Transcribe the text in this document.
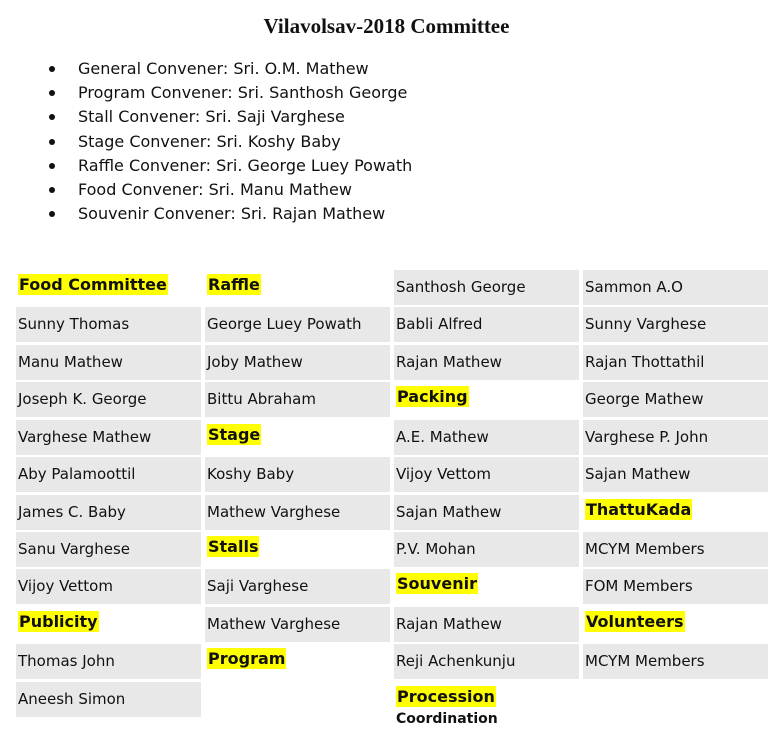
Vilavolsav-2018 Committee
General Convener: Sri. O.M. Mathew
Program Convener: Sri. Santhosh George
Stall Convener: Sri. Saji Varghese
Stage Convener: Sri. Koshy Baby
Raffle Convener: Sri. George Luey Powath
Food Convener: Sri. Manu Mathew
Souvenir Convener: Sri. Rajan Mathew
Food Committee
Sunny Thomas
Manu Mathew
Joseph K. George
Varghese Mathew
Aby Palamoottil
James C. Baby
Sanu Varghese
Vijoy Vettom
Publicity
Thomas John
Aneesh Simon
Raffle
George Luey Powath
Joby Mathew
Bittu Abraham
Stage
Koshy Baby
Mathew Varghese
Stalls
Saji Varghese
Mathew Varghese
Program
Santhosh George
Babli Alfred
Rajan Mathew
Packing
A.E. Mathew
Vijoy Vettom
Sajan Mathew
P.V. Mohan
Souvenir
Rajan Mathew
Reji Achenkunju
Procession
Sammon A.O
Sunny Varghese
Rajan Thottathil
George Mathew
Varghese P. John
Sajan Mathew
ThattuKada
MCYM Members
FOM Members
Volunteers
MCYM Members
Coordination
